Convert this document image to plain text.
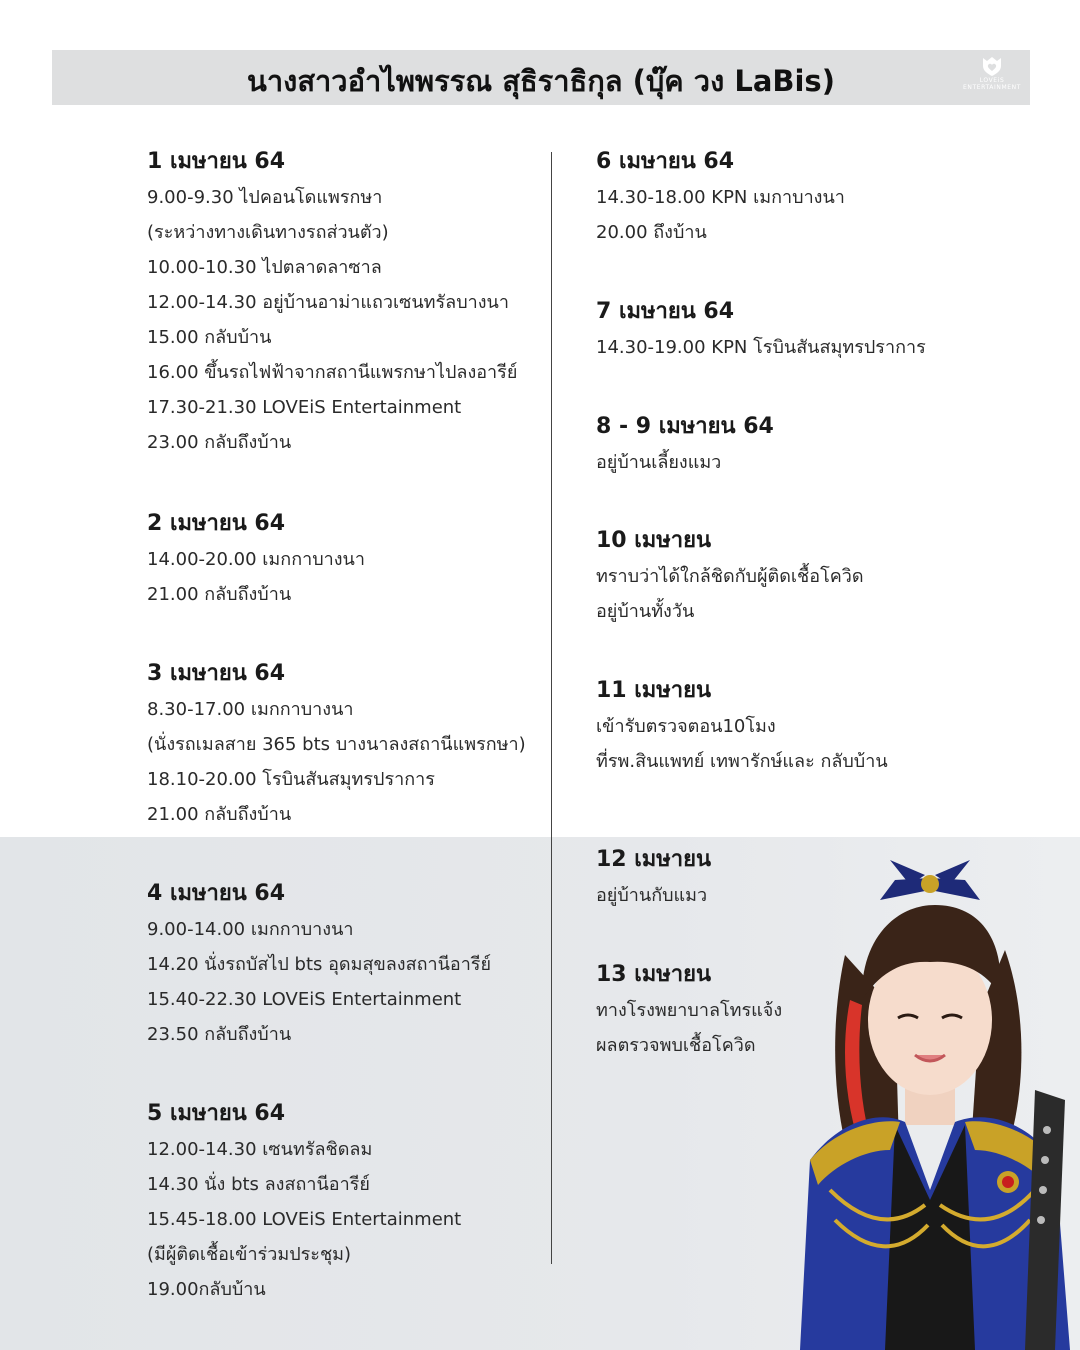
นางสาวอำไพพรรณ สุธิราธิกุล (บุ๊ค วง LaBis)	LOVEiS
ENTERTAINMENT

1 เมษายน 64

9.00-9.30 ไปคอนโดแพรกษา

(ระหว่างทางเดินทางรถส่วนตัว)

10.00-10.30 ไปตลาดลาซาล

12.00-14.30 อยู่บ้านอาม่าแถวเซนทรัลบางนา

15.00 กลับบ้าน

16.00 ขึ้นรถไฟฟ้าจากสถานีแพรกษาไปลงอารีย์

17.30-21.30 LOVEiS Entertainment

23.00 กลับถึงบ้าน

2 เมษายน 64

14.00-20.00 เมกกาบางนา

21.00 กลับถึงบ้าน

3 เมษายน 64

8.30-17.00 เมกกาบางนา

(นั่งรถเมลสาย 365 bts บางนาลงสถานีแพรกษา)

18.10-20.00 โรบินสันสมุทรปราการ

21.00 กลับถึงบ้าน

4 เมษายน 64

9.00-14.00 เมกกาบางนา

14.20 นั่งรถบัสไป bts อุดมสุขลงสถานีอารีย์

15.40-22.30 LOVEiS Entertainment

23.50 กลับถึงบ้าน

5 เมษายน 64

12.00-14.30 เซนทรัลชิดลม

14.30 นั่ง bts ลงสถานีอารีย์

15.45-18.00 LOVEiS Entertainment

(มีผู้ติดเชื้อเข้าร่วมประชุม)

19.00กลับบ้าน

6 เมษายน 64

14.30-18.00 KPN เมกาบางนา

20.00 ถึงบ้าน

7 เมษายน 64

14.30-19.00 KPN โรบินสันสมุทรปราการ

8 - 9 เมษายน 64

อยู่บ้านเลี้ยงแมว

10 เมษายน

ทราบว่าได้ใกล้ชิดกับผู้ติดเชื้อโควิด

อยู่บ้านทั้งวัน

11 เมษายน

เข้ารับตรวจตอน10โมง

ที่รพ.สินแพทย์ เทพารักษ์และ กลับบ้าน

12 เมษายน

อยู่บ้านกับแมว

13 เมษายน

ทางโรงพยาบาลโทรแจ้ง

ผลตรวจพบเชื้อโควิด
